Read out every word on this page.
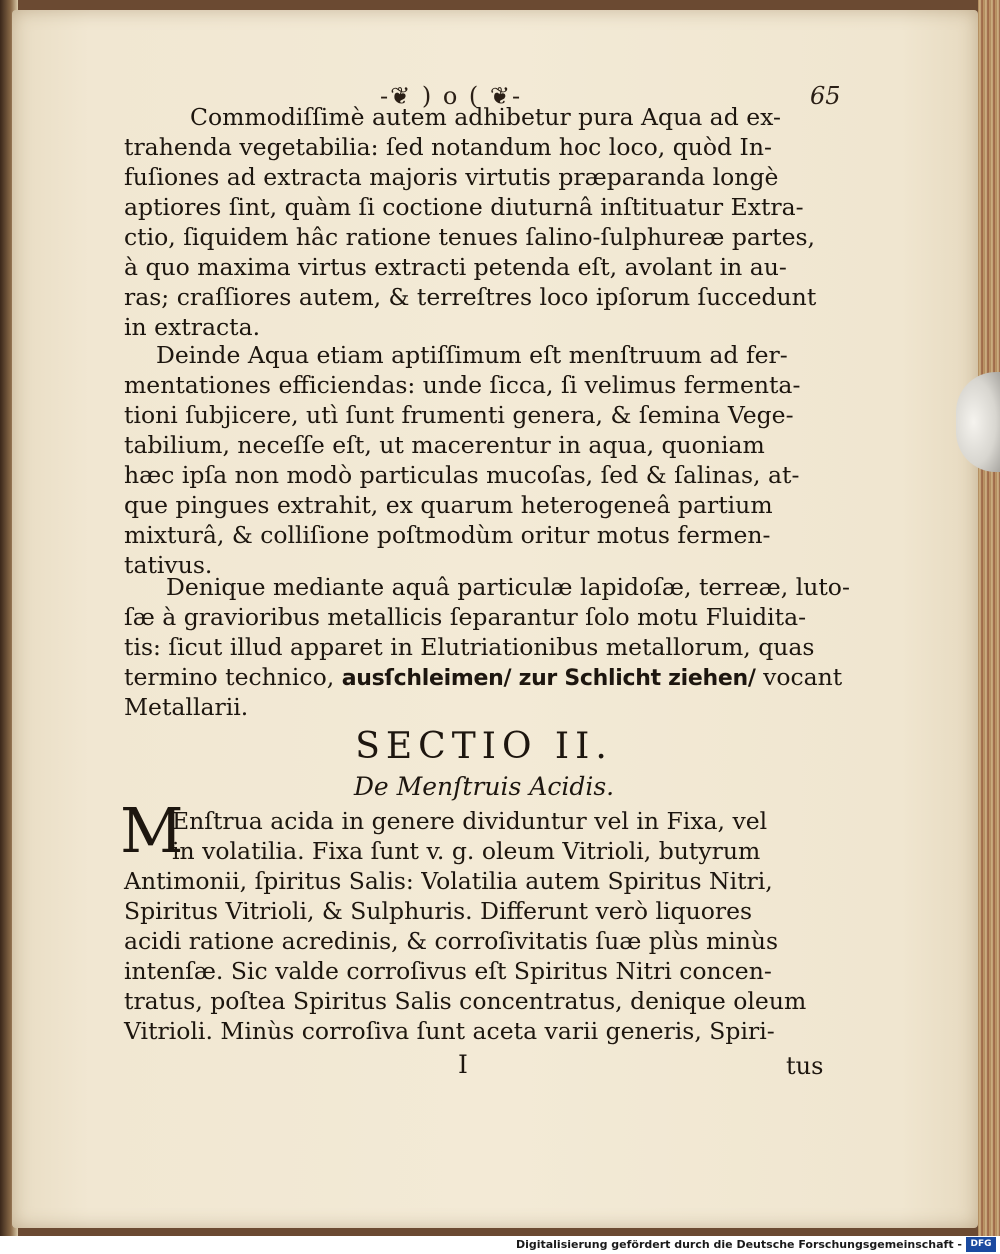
-❦ ) o ( ❦-	65
Commodiſſimè autem adhibetur pura Aqua ad ex-
trahenda vegetabilia: ſed notandum hoc loco, quòd In-
fuſiones ad extracta majoris virtutis præparanda longè
aptiores ſint, quàm ſi coctione diuturnâ inſtituatur Extra-
ctio, ſiquidem hâc ratione tenues ſalino-ſulphureæ partes,
à quo maxima virtus extracti petenda eſt, avolant in au-
ras; craſſiores autem, & terreſtres loco ipſorum ſuccedunt
in extracta.
Deinde Aqua etiam aptiſſimum eſt menſtruum ad fer-
mentationes efficiendas: unde ſicca, ſi velimus fermenta-
tioni ſubjicere, utì ſunt frumenti genera, & ſemina Vege-
tabilium, neceſſe eſt, ut macerentur in aqua, quoniam
hæc ipſa non modò particulas mucoſas, ſed & ſalinas, at-
que pingues extrahit, ex quarum heterogeneâ partium
mixturâ, & colliſione poſtmodùm oritur motus fermen-
tativus.
Denique mediante aquâ particulæ lapidoſæ, terreæ, luto-
ſæ à gravioribus metallicis ſeparantur ſolo motu Fluidita-
tis: ſicut illud apparet in Elutriationibus metallorum, quas
termino technico, ausſchleimen/ zur Schlicht ziehen/ vocant
Metallarii.
SECTIO II.
De Menſtruis Acidis.
M
Enſtrua acida in genere dividuntur vel in Fixa, vel
in volatilia. Fixa ſunt v. g. oleum Vitrioli, butyrum
Antimonii, ſpiritus Salis: Volatilia autem Spiritus Nitri,
Spiritus Vitrioli, & Sulphuris. Differunt verò liquores
acidi ratione acredinis, & corroſivitatis ſuæ plùs minùs
intenſæ. Sic valde corroſivus eſt Spiritus Nitri concen-
tratus, poſtea Spiritus Salis concentratus, denique oleum
Vitrioli. Minùs corroſiva ſunt aceta varii generis, Spiri-
I	tus
Digitalisierung gefördert durch die Deutsche Forschungsgemeinschaft - DFG
